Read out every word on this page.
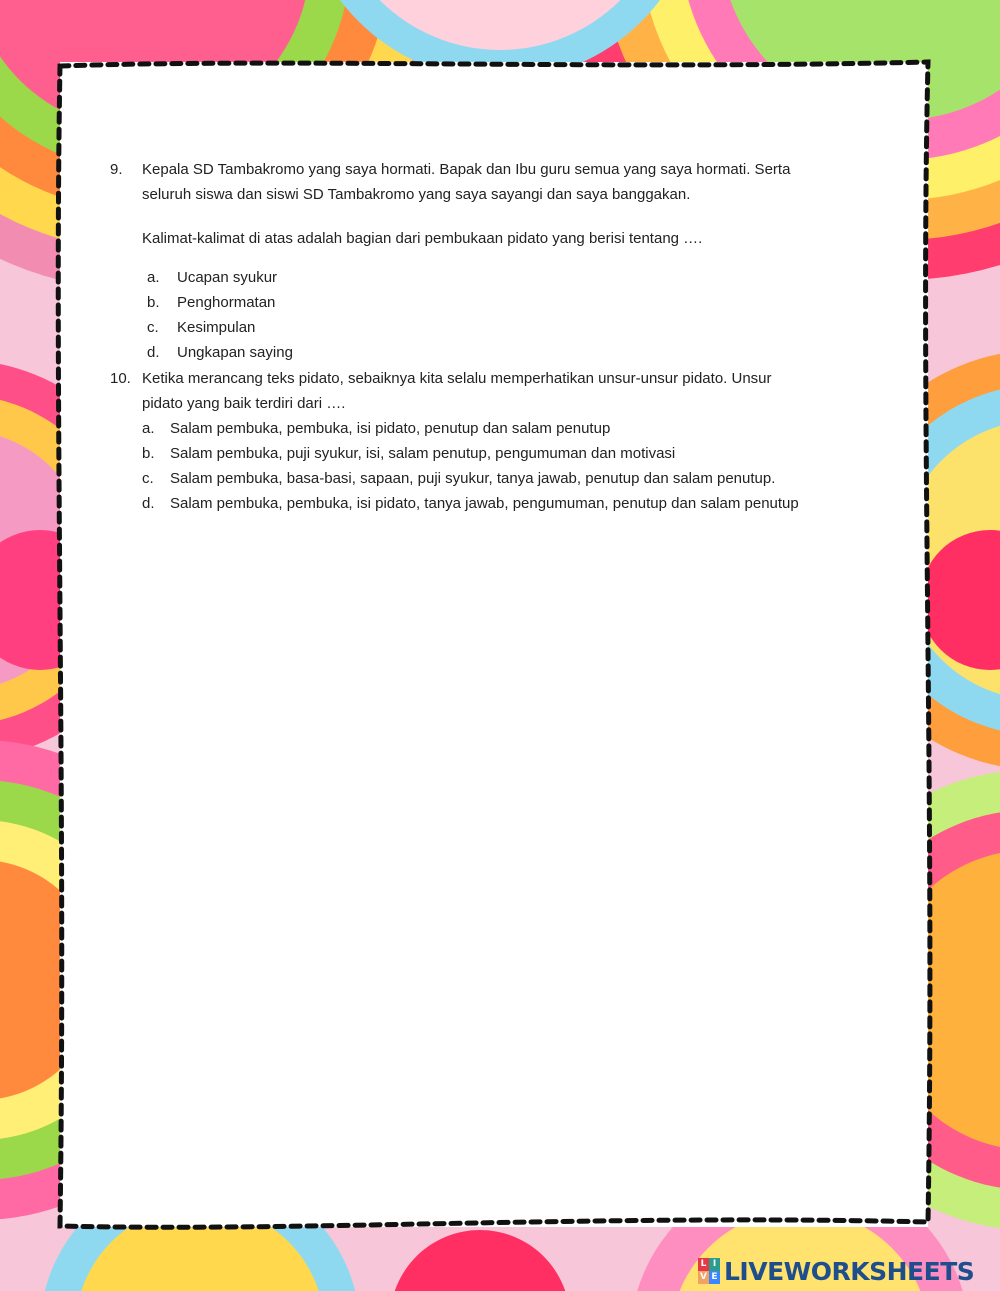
9. Kepala SD Tambakromo yang saya hormati. Bapak dan Ibu guru semua yang saya hormati. Serta
seluruh siswa dan siswi SD Tambakromo yang saya sayangi dan saya banggakan.
Kalimat-kalimat di atas adalah bagian dari pembukaan pidato yang berisi tentang ….
a. Ucapan syukur
b. Penghormatan
c. Kesimpulan
d. Ungkapan saying
10. Ketika merancang teks pidato, sebaiknya kita selalu memperhatikan unsur-unsur pidato. Unsur
pidato yang baik terdiri dari ….
a. Salam pembuka, pembuka, isi pidato, penutup dan salam penutup
b. Salam pembuka, puji syukur, isi, salam penutup, pengumuman dan motivasi
c. Salam pembuka, basa-basi, sapaan, puji syukur, tanya jawab, penutup dan salam penutup.
d. Salam pembuka, pembuka, isi pidato, tanya jawab, pengumuman, penutup dan salam penutup
L I
V E LIVEWORKSHEETS
